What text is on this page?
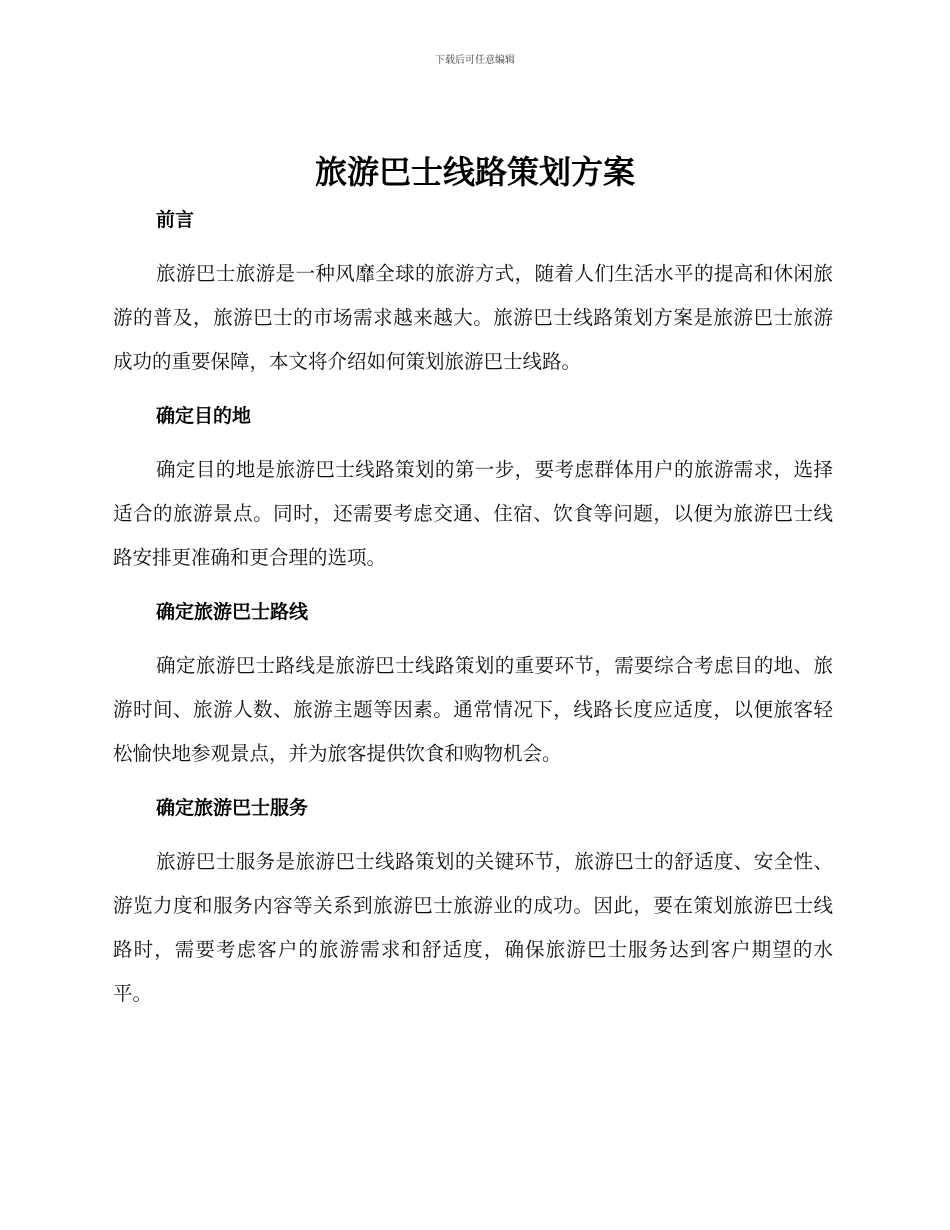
下载后可任意编辑
旅游巴士线路策划方案
前言

旅游巴士旅游是一种风靡全球的旅游方式，随着人们生活水平的提高和休闲旅游的普及，旅游巴士的市场需求越来越大。旅游巴士线路策划方案是旅游巴士旅游成功的重要保障，本文将介绍如何策划旅游巴士线路。

确定目的地

确定目的地是旅游巴士线路策划的第一步，要考虑群体用户的旅游需求，选择适合的旅游景点。同时，还需要考虑交通、住宿、饮食等问题，以便为旅游巴士线路安排更准确和更合理的选项。

确定旅游巴士路线

确定旅游巴士路线是旅游巴士线路策划的重要环节，需要综合考虑目的地、旅游时间、旅游人数、旅游主题等因素。通常情况下，线路长度应适度，以便旅客轻松愉快地参观景点，并为旅客提供饮食和购物机会。

确定旅游巴士服务

旅游巴士服务是旅游巴士线路策划的关键环节，旅游巴士的舒适度、安全性、游览力度和服务内容等关系到旅游巴士旅游业的成功。因此，要在策划旅游巴士线路时，需要考虑客户的旅游需求和舒适度，确保旅游巴士服务达到客户期望的水平。
